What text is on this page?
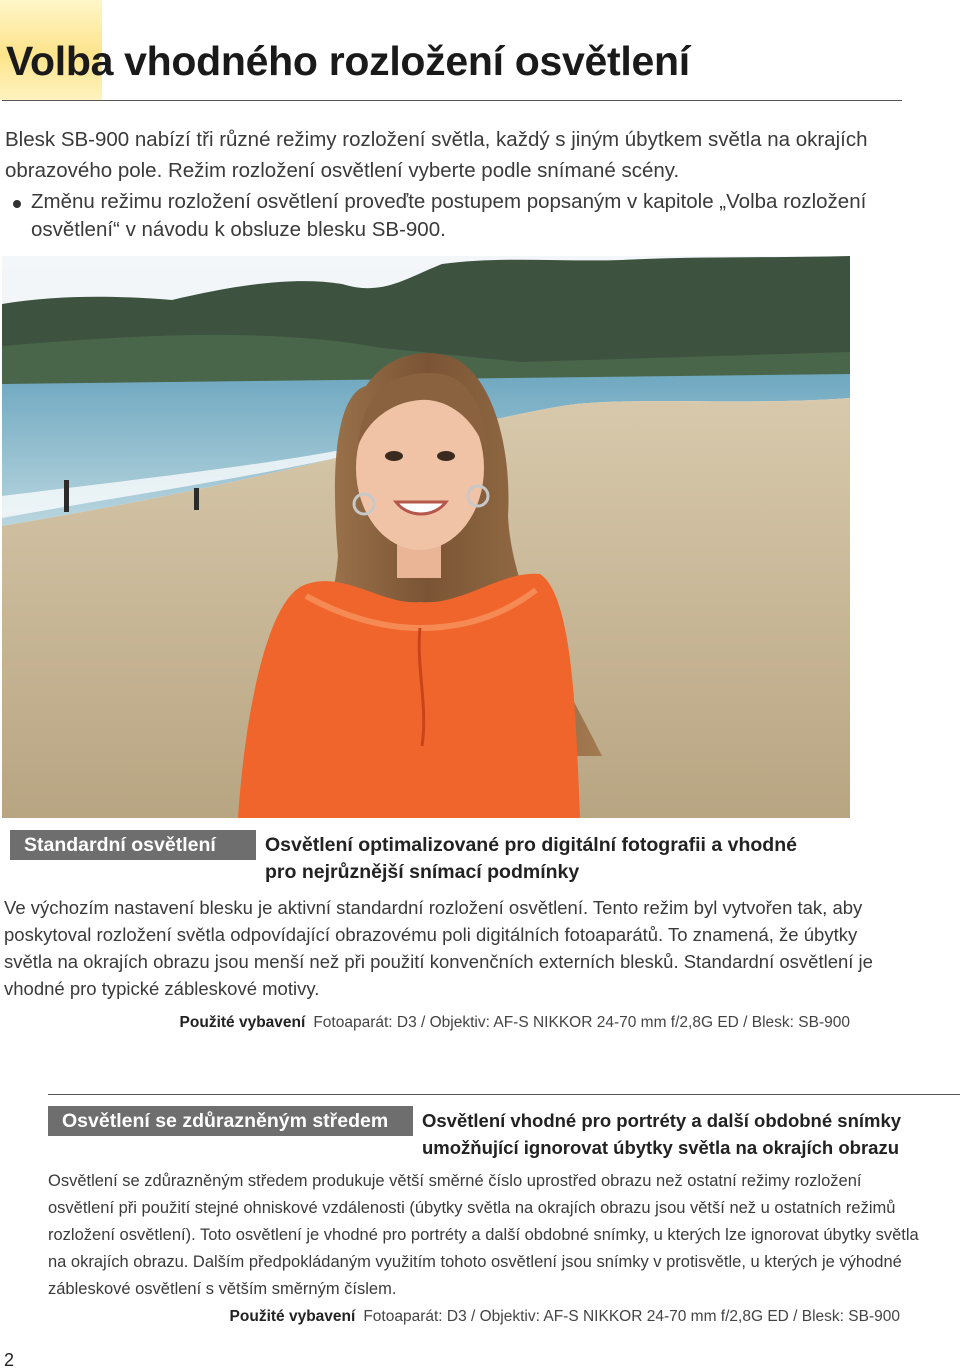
Volba vhodného rozložení osvětlení

Blesk SB-900 nabízí tři různé režimy rozložení světla, každý s jiným úbytkem světla na okrajích obrazového pole. Režim rozložení osvětlení vyberte podle snímané scény.

Změnu režimu rozložení osvětlení proveďte postupem popsaným v kapitole „Volba rozložení osvětlení“ v návodu k obsluze blesku SB-900.

Standardní osvětlení	Osvětlení optimalizované pro digitální fotografii a vhodné
pro nejrůznější snímací podmínky

Ve výchozím nastavení blesku je aktivní standardní rozložení osvětlení. Tento režim byl vytvořen tak, aby poskytoval rozložení světla odpovídající obrazovému poli digitálních fotoaparátů. To znamená, že úbytky světla na okrajích obrazu jsou menší než při použití konvenčních externích blesků. Standardní osvětlení je vhodné pro typické zábleskové motivy.

Použité vybavení Fotoaparát: D3 / Objektiv: AF-S NIKKOR 24-70 mm f/2,8G ED / Blesk: SB-900
Osvětlení se zdůrazněným středem	Osvětlení vhodné pro portréty a další obdobné snímky
umožňující ignorovat úbytky světla na okrajích obrazu

Osvětlení se zdůrazněným středem produkuje větší směrné číslo uprostřed obrazu než ostatní režimy rozložení osvětlení při použití stejné ohniskové vzdálenosti (úbytky světla na okrajích obrazu jsou větší než u ostatních režimů rozložení osvětlení). Toto osvětlení je vhodné pro portréty a další obdobné snímky, u kterých lze ignorovat úbytky světla na okrajích obrazu. Dalším předpokládaným využitím tohoto osvětlení jsou snímky v protisvětle, u kterých je výhodné zábleskové osvětlení s větším směrným číslem.

Použité vybavení Fotoaparát: D3 / Objektiv: AF-S NIKKOR 24-70 mm f/2,8G ED / Blesk: SB-900
2
